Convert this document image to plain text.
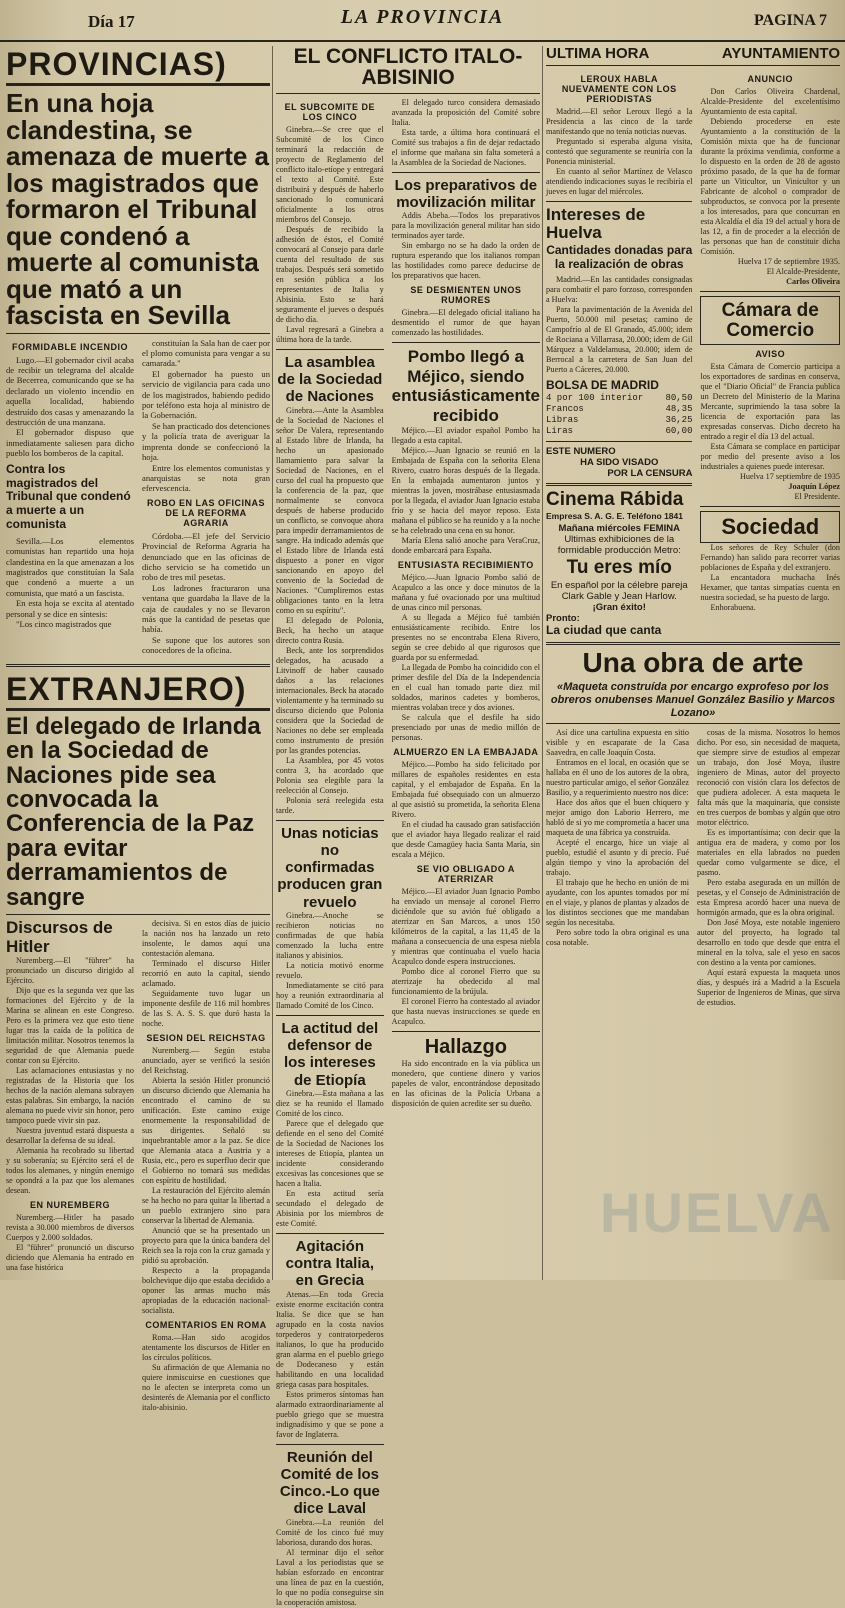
Día 17	LA PROVINCIA	PAGINA 7
PROVINCIAS)
En una hoja clandestina, se amenaza de muerte a los magistrados que formaron el Tribunal que condenó a muerte al comunista que mató a un fascista en Sevilla
FORMIDABLE INCENDIO

Lugo.—El gobernador civil acaba de recibir un telegrama del alcalde de Becerrea, comunicando que se ha declarado un violento incendio en aquella localidad, habiendo destruído dos casas y amenazando la destrucción de una manzana.

El gobernador dispuso que inmediatamente saliesen para dicho pueblo los bomberos de la capital.

Contra los magistrados del Tribunal que condenó a muerte a un comunista

Sevilla.—Los elementos comunistas han repartido una hoja clandestina en la que amenazan a los magistrados que constituían la Sala que condenó a muerte a un comunista, que mató a un fascista.

En esta hoja se excita al atentado personal y se dice en síntesis:

"Los cinco magistrados que

constituían la Sala han de caer por el plomo comunista para vengar a su camarada."

El gobernador ha puesto un servicio de vigilancia para cada uno de los magistrados, habiendo pedido por teléfono esta hoja al ministro de la Gobernación.

Se han practicado dos detenciones y la policía trata de averiguar la imprenta donde se confeccionó la hoja.

Entre los elementos comunistas y anarquistas se nota gran efervescencia.

ROBO EN LAS OFICINAS DE LA REFORMA AGRARIA

Córdoba.—El jefe del Servicio Provincial de Reforma Agraria ha denunciado que en las oficinas de dicho servicio se ha cometido un robo de tres mil pesetas.

Los ladrones fracturaron una ventana que guardaba la llave de la caja de caudales y no se llevaron más que la cantidad de pesetas que había.

Se supone que los autores son conocedores de la oficina.

EXTRANJERO)
El delegado de Irlanda en la Sociedad de Naciones pide sea convocada la Conferencia de la Paz para evitar derramamientos de sangre
Discursos de Hitler

Nuremberg.—El "führer" ha pronunciado un discurso dirigido al Ejército.

Dijo que es la segunda vez que las formaciones del Ejército y de la Marina se alinean en este Congreso. Pero es la primera vez que esto tiene lugar tras la caída de la política de limitación militar. Nosotros tenemos la seguridad de que Alemania puede contar con su Ejército.

Las aclamaciones entusiastas y no registradas de la Historia que los hechos de la nación alemana subrayen estas palabras. Sin embargo, la nación alemana no puede vivir sin honor, pero tampoco puede vivir sin paz.

Nuestra juventud estará dispuesta a desarrollar la defensa de su ideal.

Alemania ha recobrado su libertad y su soberanía; su Ejército será el de todos los alemanes, y ningún enemigo se opondrá a la paz que los alemanes desean.

EN NUREMBERG

Nuremberg.—Hitler ha pasado revista a 30.000 miembros de diversos Cuerpos y 2.000 soldados.

El "führer" pronunció un discurso diciendo que Alemania ha entrado en una fase histórica

decisiva. Si en estos días de juicio la nación nos ha lanzado un reto insolente, le damos aquí una contestación alemana.

Terminado el discurso Hitler recorrió en auto la capital, siendo aclamado.

Seguidamente tuvo lugar un imponente desfile de 116 mil hombres de las S. A. S. S. que duró hasta la noche.

SESION DEL REICHSTAG

Nuremberg.— Según estaba anunciado, ayer se verificó la sesión del Reichstag.

Abierta la sesión Hitler pronunció un discurso diciendo que Alemania ha encontrado el camino de su unificación. Este camino exige enormemente la responsabilidad de sus dirigentes. Señaló su inquebrantable amor a la paz. Se dice que Alemania ataca a Austria y a Rusia, etc., pero es superfluo decir que el Gobierno no tomará sus medidas con espíritu de hostilidad.

La restauración del Ejército alemán se ha hecho no para quitar la libertad a un pueblo extranjero sino para conservar la libertad de Alemania.

Anunció que se ha presentado un proyecto para que la única bandera del Reich sea la roja con la cruz gamada y pidió su aprobación.

Respecto a la propaganda bolchevique dijo que estaba decidido a oponer las armas mucho más apropiadas de la educación nacional-socialista.

COMENTARIOS EN ROMA

Roma.—Han sido acogidos atentamente los discursos de Hitler en los círculos políticos.

Su afirmación de que Alemania no quiere inmiscuirse en cuestiones que no le afecten se interpreta como un desinterés de Alemania por el conflicto italo-abisinio.

EL CONFLICTO ITALO-ABISINIO
EL SUBCOMITE DE LOS CINCO

Ginebra.—Se cree que el Subcomité de los Cinco terminará la redacción de proyecto de Reglamento del conflicto italo-etíope y entregará el texto al Comité. Este distribuirá y después de haberlo sancionado lo comunicará oficialmente a los otros miembros del Consejo.

Después de recibido la adhesión de éstos, el Comité convocará al Consejo para darle cuenta del resultado de sus trabajos. Después será sometido en sesión pública a los representantes de Italia y Abisinia. Esto se hará seguramente el jueves o después de dicho día.

Laval regresará a Ginebra a última hora de la tarde.

La asamblea de la Sociedad de Naciones

Ginebra.—Ante la Asamblea de la Sociedad de Naciones el señor De Valera, representando al Estado libre de Irlanda, ha hecho un apasionado llamamiento para salvar la Sociedad de Naciones, en el curso del cual ha propuesto que la conferencia de la paz, que normalmente se convoca después de haberse producido un conflicto, se convoque ahora para impedir derramamientos de sangre. Ha indicado además que el Estado libre de Irlanda está dispuesto a poner en vigor sancionando en apoyo del convenio de la Sociedad de Naciones. "Cumpliremos estas obligaciones tanto en la letra como en su espíritu".

El delegado de Polonia, Beck, ha hecho un ataque directo contra Rusia.

Beck, ante los sorprendidos delegados, ha acusado a Litvinoff de haber causado daños a las relaciones internacionales. Beck ha atacado violentamente y ha terminado su discurso diciendo que Polonia considera que la Sociedad de Naciones no debe ser empleada como instrumento de presión por las grandes potencias.

La Asamblea, por 45 votos contra 3, ha acordado que Polonia sea elegible para la reelección al Consejo.

Polonia será reelegida esta tarde.

Unas noticias no confirmadas producen gran revuelo

Ginebra.—Anoche se recibieron noticias no confirmadas de que había comenzado la lucha entre italianos y abisinios.

La noticia motivó enorme revuelo.

Inmediatamente se citó para hoy a reunión extraordinaria al llamado Comité de los Cinco.

La actitud del defensor de los intereses de Etiopía

Ginebra.—Esta mañana a las diez se ha reunido el llamado Comité de los cinco.

Parece que el delegado que defiende en el seno del Comité de la Sociedad de Naciones los intereses de Etiopía, plantea un incidente considerando excesivas las concesiones que se hacen a Italia.

En esta actitud sería secundado el delegado de Abisinia por los miembros de este Comité.

Agitación contra Italia, en Grecia

Atenas.—En toda Grecia existe enorme excitación contra Italia. Se dice que se han agrupado en la costa navíos torpederos y contratorpederos italianos, lo que ha producido gran alarma en el pueblo griego de Dodecaneso y están habilitando en una localidad griega casas para hospitales.

Estos primeros síntomas han alarmado extraordinariamente al pueblo griego que se muestra indignadísimo y que se pone a favor de Inglaterra.

Reunión del Comité de los Cinco.-Lo que dice Laval

Ginebra.—La reunión del Comité de los cinco fué muy laboriosa, durando dos horas.

Al terminar dijo el señor Laval a los periodistas que se habían esforzado en encontrar una línea de paz en la cuestión, lo que no podía conseguirse sin la cooperación amistosa.

El delegado turco considera demasiado avanzada la proposición del Comité sobre Italia.

Esta tarde, a última hora continuará el Comité sus trabajos a fin de dejar redactado el informe que mañana sin falta someterá a la Asamblea de la Sociedad de Naciones.

Los preparativos de movilización militar

Addis Abeba.—Todos los preparativos para la movilización general militar han sido terminados ayer tarde.

Sin embargo no se ha dado la orden de ruptura esperando que los italianos rompan las hostilidades como parece deducirse de los preparativos que hacen.

SE DESMIENTEN UNOS RUMORES

Ginebra.—El delegado oficial italiano ha desmentido el rumor de que hayan comenzado las hostilidades.

Pombo llegó a Méjico, siendo entusiásticamente recibido

Méjico.—El aviador español Pombo ha llegado a esta capital.

Méjico.—Juan Ignacio se reunió en la Embajada de España con la señorita Elena Rivero, cuatro horas después de la llegada. En la embajada aumentaron juntos y mientras la joven, mostrábase entusiasmada por la llegada, el aviador Juan Ignacio estaba frío y se hacia del mayor reposo. Esta mañana el público se ha reunido y a la noche se ha celebrado una cena en su honor.

María Elena salió anoche para VeraCruz, donde embarcará para España.

ENTUSIASTA RECIBIMIENTO

Méjico.—Juan Ignacio Pombo salió de Acapulco a las once y doce minutos de la mañana y fué ovacionado por una multitud de unas cinco mil personas.

A su llegada a Méjico fué también entusiásticamente recibido. Entre los presentes no se encontraba Elena Rivero, según se cree debido al que rigurosos que guarda por su enfermedad.

La llegada de Pombo ha coincidido con el primer desfile del Día de la Independencia en el cual han tomado parte diez mil soldados, marinos cadetes y bomberos, mientras volaban trece y dos aviones.

Se calcula que el desfile ha sido presenciado por unas de medio millón de personas.

ALMUERZO EN LA EMBAJADA

Méjico.—Pombo ha sido felicitado por millares de españoles residentes en esta capital, y el embajador de España. En la Embajada fué obsequiado con un almuerzo al que asistió su prometida, la señorita Elena Rivero.

En el ciudad ha causado gran satisfacción que el aviador haya llegado realizar el raid que desde Camagüey hacia Santa María, sin escala a Méjico.

SE VIO OBLIGADO A ATERRIZAR

Méjico.—El aviador Juan Ignacio Pombo ha enviado un mensaje al coronel Fierro diciéndole que su avión fué obligado a aterrizar en San Marcos, a unos 150 kilómetros de la capital, a las 11,45 de la mañana a consecuencia de una espesa niebla y mientras que continuaba el vuelo hacia Acapulco donde espera instrucciones.

Pombo dice al coronel Fierro que su aterrizaje ha obedecido al mal funcionamiento de la brújula.

El coronel Fierro ha contestado al aviador que hasta nuevas instrucciones se quede en Acapulco.

Hallazgo

Ha sido encontrado en la vía pública un monedero, que contiene dinero y varios papeles de valor, encontrándose depositado en las oficinas de la Policía Urbana a disposición de quien acredite ser su dueño.

ULTIMA HORA	AYUNTAMIENTO
LEROUX HABLA NUEVAMENTE CON LOS PERIODISTAS

Madrid.—El señor Leroux llegó a la Presidencia a las cinco de la tarde manifestando que no tenía noticias nuevas.

Preguntado si esperaba alguna visita, contestó que seguramente se reuniría con la Ponencia ministerial.

En cuanto al señor Martínez de Velasco atendiendo indicaciones suyas le recibiría el jueves en lugar del miércoles.

Intereses de Huelva
Cantidades donadas para la realización de obras

Madrid.—En las cantidades consignadas para combatir el paro forzoso, corresponden a Huelva:

Para la pavimentación de la Avenida del Puerto, 50.000 mil pesetas; camino de Campofrío al de El Granado, 45.000; idem de Rociana a Villarrasa, 20.000; idem de Gil Márquez a Valdelamusa, 20.000; idem de Berrocal a la carretera de San Juan del Puerto a Cáceres, 20.000.

BOLSA DE MADRID
4 por 100 interior 80,50
Francos	48,35
Libras	36,25
Liras	60,00
ESTE NUMERO
HA SIDO VISADO
POR LA CENSURA
Cinema Rábida
Empresa S. A. G. E. Teléfono 1841
Mañana miércoles FEMINA
Ultimas exhibiciones de la formidable producción Metro:
Tu eres mío
En español por la célebre pareja Clark Gable y Jean Harlow.
¡Gran éxito!
Pronto:
La ciudad que canta
ANUNCIO

Don Carlos Oliveira Chardenal, Alcalde-Presidente del excelentísimo Ayuntamiento de esta capital.

Debiendo procederse en este Ayuntamiento a la constitución de la Comisión mixta que ha de funcionar durante la próxima vendimia, conforme a lo dispuesto en la orden de 28 de agosto próximo pasado, de la que ha de formar parte un Viticultor, un Vinicultor y un Fabricante de alcohol o comprador de subproductos, se convoca por la presente a los interesados, para que concurran en esta Alcaldía el día 19 del actual y hora de las 12, a fin de proceder a la elección de las personas que han de constituir dicha Comisión.

Huelva 17 de septiembre 1935.

El Alcalde-Presidente,

Carlos Oliveira

Cámara de Comercio
AVISO

Esta Cámara de Comercio participa a los exportadores de sardinas en conserva, que el "Diario Oficial" de Francia publica un Decreto del Ministerio de la Marina Mercante, suprimiendo la tasa sobre la licencia de exportación para las expresadas conservas. Dicho decreto ha entrado a regir el día 13 del actual.

Esta Cámara se complace en participar por medio del presente aviso a los industriales a quienes puede interesar.

Huelva 17 septiembre de 1935

Joaquín López

El Presidente.

Sociedad

Los señores de Rey Schuler (don Fernando) han salido para recorrer varias poblaciones de España y del extranjero.

La encantadora muchacha Inés Hexamer, que tantas simpatías cuenta en nuestra sociedad, se ha puesto de largo.

Enhorabuena.

Una obra de arte
«Maqueta construída por encargo exprofeso por los obreros onubenses Manuel González Basilio y Marcos Lozano»

Así dice una cartulina expuesta en sitio visible y en escaparate de la Casa Saavedra, en calle Joaquín Costa.

Entramos en el local, en ocasión que se hallaba en él uno de los autores de la obra, nuestro particular amigo, el señor González Basilio, y a requerimiento nuestro nos dice:

Hace dos años que el buen chiquero y mejor amigo don Laborio Herrero, me habló de si yo me comprometía a hacer una maqueta de una fábrica ya construída.

Acepté el encargo, hice un viaje al pueblo, estudié el asunto y di precio. Fué algún tiempo y vino la aprobación del trabajo.

El trabajo que he hecho en unión de mi ayudante, con los apuntes tomados por mí en el viaje, y planos de plantas y alzados de los distintos secciones que me mandaban según los necesitaba.

Pero sobre todo la obra original es una cosa notable.

cosas de la misma. Nosotros lo hemos dicho. Por eso, sin necesidad de maqueta, que siempre sirve de estudios al empezar un trabajo, don José Moya, ilustre ingeniero de Minas, autor del proyecto reconoció con visión clara los defectos de que pudiera adolecer. A esta maqueta le falta más que la maquinaria, que consiste en tres cuerpos de bombas y algún que otro motor eléctrico.

Es es importantísima; con decir que la antigua era de madera, y como por los materiales en ella labrados no pueden quedar como vulgarmente se dice, el pasmo.

Pero estaba asegurada en un millón de pesetas, y el Consejo de Administración de esta Empresa acordó hacer una nueva de hormigón armado, que es la obra original.

Don José Moya, este notable ingeniero autor del proyecto, ha logrado tal desarrollo en todo que desde que entra el mineral en la tolva, sale el yeso en sacos con destino a la venta por camiones.

Aquí estará expuesta la maqueta unos días, y después irá a Madrid a la Escuela Superior de Ingenieros de Minas, que sirva de estudios.

HUELVA
